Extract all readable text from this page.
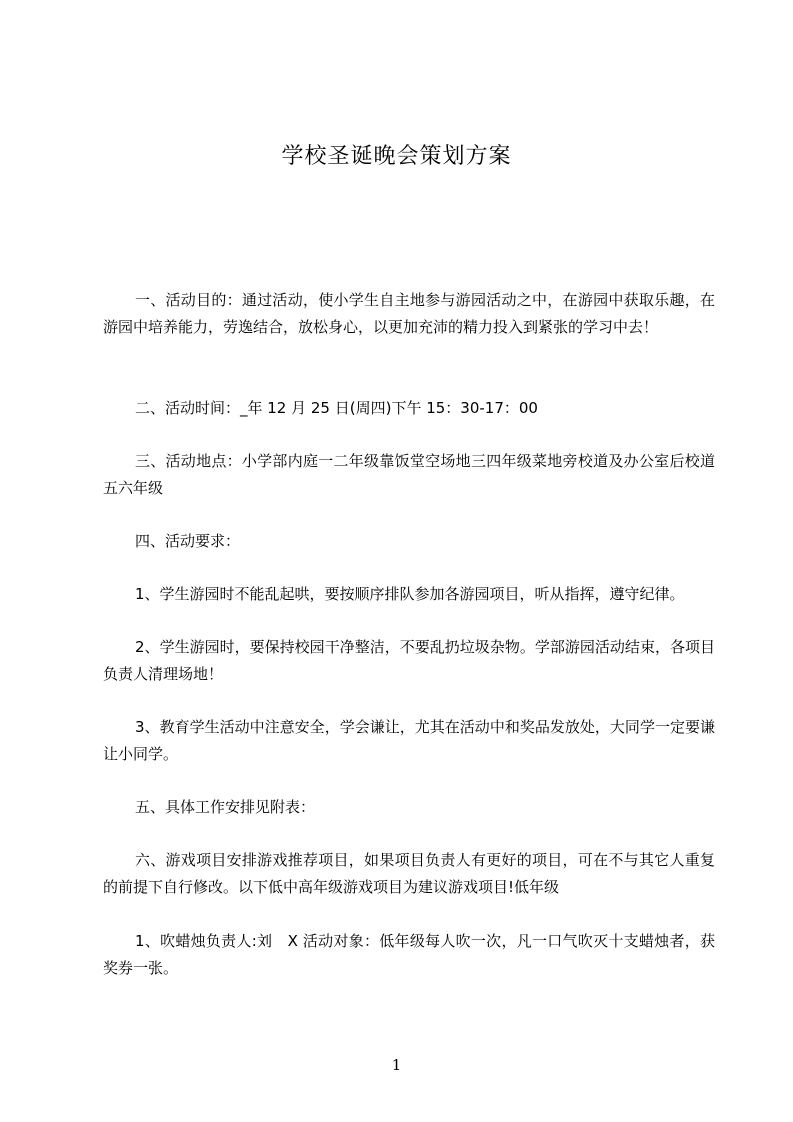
学校圣诞晚会策划方案
一、活动目的：通过活动，使小学生自主地参与游园活动之中，在游园中获取乐趣，在游园中培养能力，劳逸结合，放松身心，以更加充沛的精力投入到紧张的学习中去！
二、活动时间：_年 12 月 25 日(周四)下午 15：30-17：00
三、活动地点：小学部内庭一二年级靠饭堂空场地三四年级菜地旁校道及办公室后校道五六年级
四、活动要求：
1、学生游园时不能乱起哄，要按顺序排队参加各游园项目，听从指挥，遵守纪律。
2、学生游园时，要保持校园干净整洁，不要乱扔垃圾杂物。学部游园活动结束，各项目负责人清理场地！
3、教育学生活动中注意安全，学会谦让，尤其在活动中和奖品发放处，大同学一定要谦让小同学。
五、具体工作安排见附表：
六、游戏项目安排游戏推荐项目，如果项目负责人有更好的项目，可在不与其它人重复的前提下自行修改。以下低中高年级游戏项目为建议游戏项目!低年级
1、吹蜡烛负责人:刘　X 活动对象：低年级每人吹一次，凡一口气吹灭十支蜡烛者，获奖券一张。
1
